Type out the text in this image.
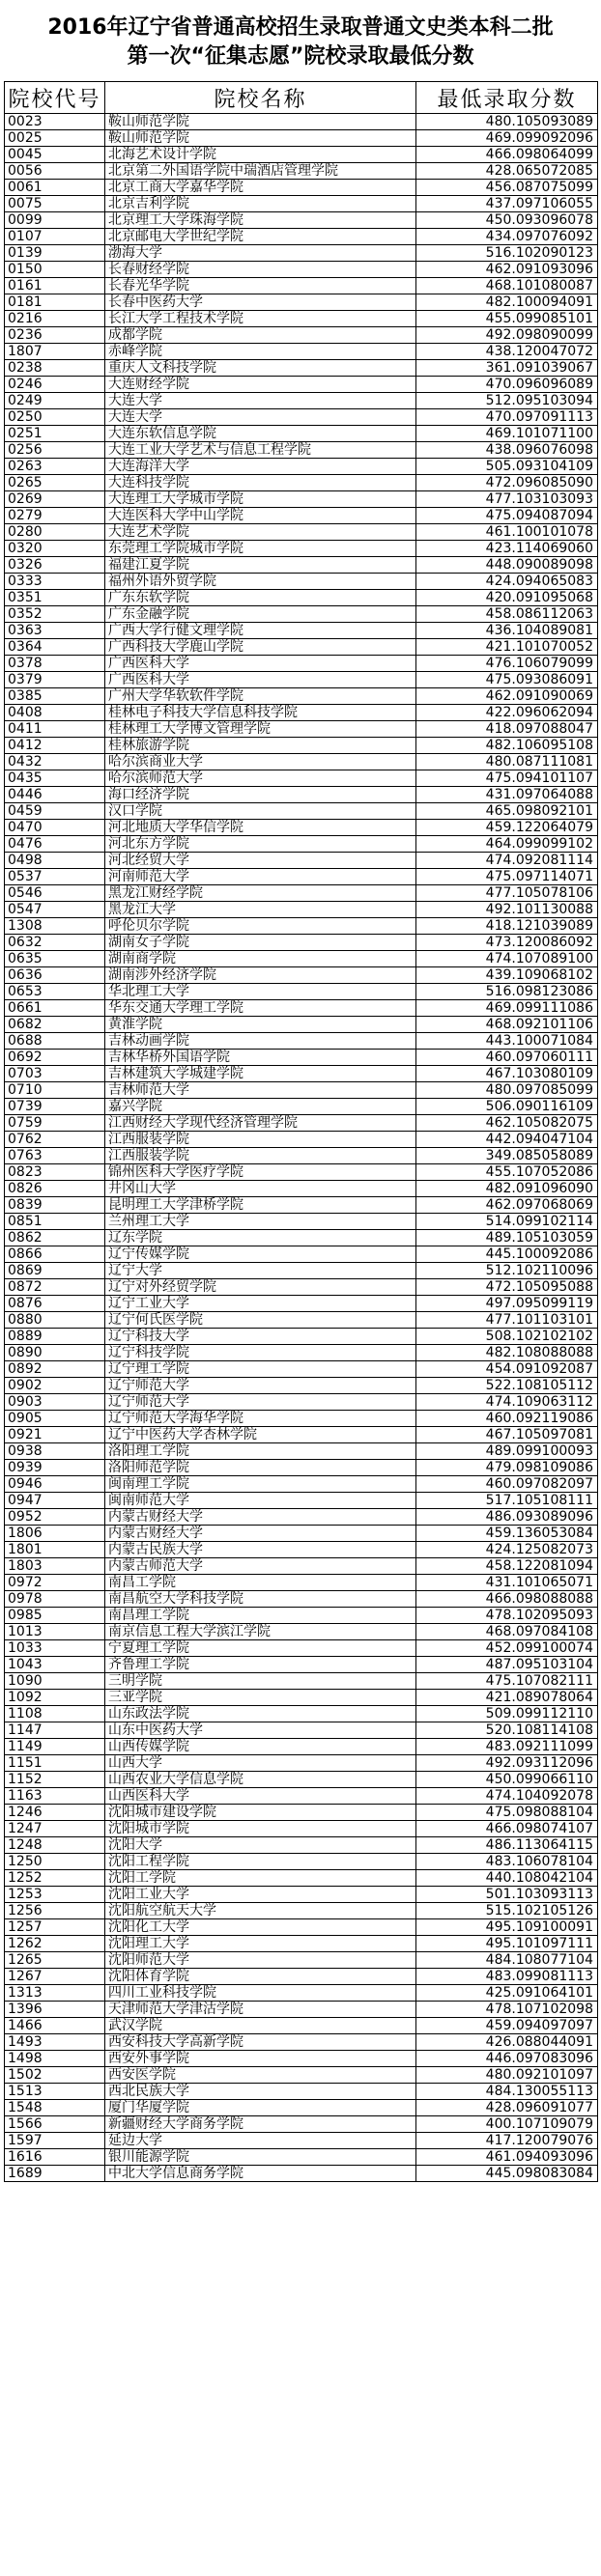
2016年辽宁省普通高校招生录取普通文史类本科二批
第一次“征集志愿”院校录取最低分数
院校代号	院校名称	最低录取分数
0023	鞍山师范学院	480.105093089
0025	鞍山师范学院	469.099092096
0045	北海艺术设计学院	466.098064099
0056	北京第二外国语学院中瑞酒店管理学院	428.065072085
0061	北京工商大学嘉华学院	456.087075099
0075	北京吉利学院	437.097106055
0099	北京理工大学珠海学院	450.093096078
0107	北京邮电大学世纪学院	434.097076092
0139	渤海大学	516.102090123
0150	长春财经学院	462.091093096
0161	长春光华学院	468.101080087
0181	长春中医药大学	482.100094091
0216	长江大学工程技术学院	455.099085101
0236	成都学院	492.098090099
1807	赤峰学院	438.120047072
0238	重庆人文科技学院	361.091039067
0246	大连财经学院	470.096096089
0249	大连大学	512.095103094
0250	大连大学	470.097091113
0251	大连东软信息学院	469.101071100
0256	大连工业大学艺术与信息工程学院	438.096076098
0263	大连海洋大学	505.093104109
0265	大连科技学院	472.096085090
0269	大连理工大学城市学院	477.103103093
0279	大连医科大学中山学院	475.094087094
0280	大连艺术学院	461.100101078
0320	东莞理工学院城市学院	423.114069060
0326	福建江夏学院	448.090089098
0333	福州外语外贸学院	424.094065083
0351	广东东软学院	420.091095068
0352	广东金融学院	458.086112063
0363	广西大学行健文理学院	436.104089081
0364	广西科技大学鹿山学院	421.101070052
0378	广西医科大学	476.106079099
0379	广西医科大学	475.093086091
0385	广州大学华软软件学院	462.091090069
0408	桂林电子科技大学信息科技学院	422.096062094
0411	桂林理工大学博文管理学院	418.097088047
0412	桂林旅游学院	482.106095108
0432	哈尔滨商业大学	480.087111081
0435	哈尔滨师范大学	475.094101107
0446	海口经济学院	431.097064088
0459	汉口学院	465.098092101
0470	河北地质大学华信学院	459.122064079
0476	河北东方学院	464.099099102
0498	河北经贸大学	474.092081114
0537	河南师范大学	475.097114071
0546	黑龙江财经学院	477.105078106
0547	黑龙江大学	492.101130088
1308	呼伦贝尔学院	418.121039089
0632	湖南女子学院	473.120086092
0635	湖南商学院	474.107089100
0636	湖南涉外经济学院	439.109068102
0653	华北理工大学	516.098123086
0661	华东交通大学理工学院	469.099111086
0682	黄淮学院	468.092101106
0688	吉林动画学院	443.100071084
0692	吉林华桥外国语学院	460.097060111
0703	吉林建筑大学城建学院	467.103080109
0710	吉林师范大学	480.097085099
0739	嘉兴学院	506.090116109
0759	江西财经大学现代经济管理学院	462.105082075
0762	江西服装学院	442.094047104
0763	江西服装学院	349.085058089
0823	锦州医科大学医疗学院	455.107052086
0826	井冈山大学	482.091096090
0839	昆明理工大学津桥学院	462.097068069
0851	兰州理工大学	514.099102114
0862	辽东学院	489.105103059
0866	辽宁传媒学院	445.100092086
0869	辽宁大学	512.102110096
0872	辽宁对外经贸学院	472.105095088
0876	辽宁工业大学	497.095099119
0880	辽宁何氏医学院	477.101103101
0889	辽宁科技大学	508.102102102
0890	辽宁科技学院	482.108088088
0892	辽宁理工学院	454.091092087
0902	辽宁师范大学	522.108105112
0903	辽宁师范大学	474.109063112
0905	辽宁师范大学海华学院	460.092119086
0921	辽宁中医药大学杏林学院	467.105097081
0938	洛阳理工学院	489.099100093
0939	洛阳师范学院	479.098109086
0946	闽南理工学院	460.097082097
0947	闽南师范大学	517.105108111
0952	内蒙古财经大学	486.093089096
1806	内蒙古财经大学	459.136053084
1801	内蒙古民族大学	424.125082073
1803	内蒙古师范大学	458.122081094
0972	南昌工学院	431.101065071
0978	南昌航空大学科技学院	466.098088088
0985	南昌理工学院	478.102095093
1013	南京信息工程大学滨江学院	468.097084108
1033	宁夏理工学院	452.099100074
1043	齐鲁理工学院	487.095103104
1090	三明学院	475.107082111
1092	三亚学院	421.089078064
1108	山东政法学院	509.099112110
1147	山东中医药大学	520.108114108
1149	山西传媒学院	483.092111099
1151	山西大学	492.093112096
1152	山西农业大学信息学院	450.099066110
1163	山西医科大学	474.104092078
1246	沈阳城市建设学院	475.098088104
1247	沈阳城市学院	466.098074107
1248	沈阳大学	486.113064115
1250	沈阳工程学院	483.106078104
1252	沈阳工学院	440.108042104
1253	沈阳工业大学	501.103093113
1256	沈阳航空航天大学	515.102105126
1257	沈阳化工大学	495.109100091
1262	沈阳理工大学	495.101097111
1265	沈阳师范大学	484.108077104
1267	沈阳体育学院	483.099081113
1313	四川工业科技学院	425.091064101
1396	天津师范大学津沽学院	478.107102098
1466	武汉学院	459.094097097
1493	西安科技大学高新学院	426.088044091
1498	西安外事学院	446.097083096
1502	西安医学院	480.092101097
1513	西北民族大学	484.130055113
1548	厦门华厦学院	428.096091077
1566	新疆财经大学商务学院	400.107109079
1597	延边大学	417.120079076
1616	银川能源学院	461.094093096
1689	中北大学信息商务学院	445.098083084
